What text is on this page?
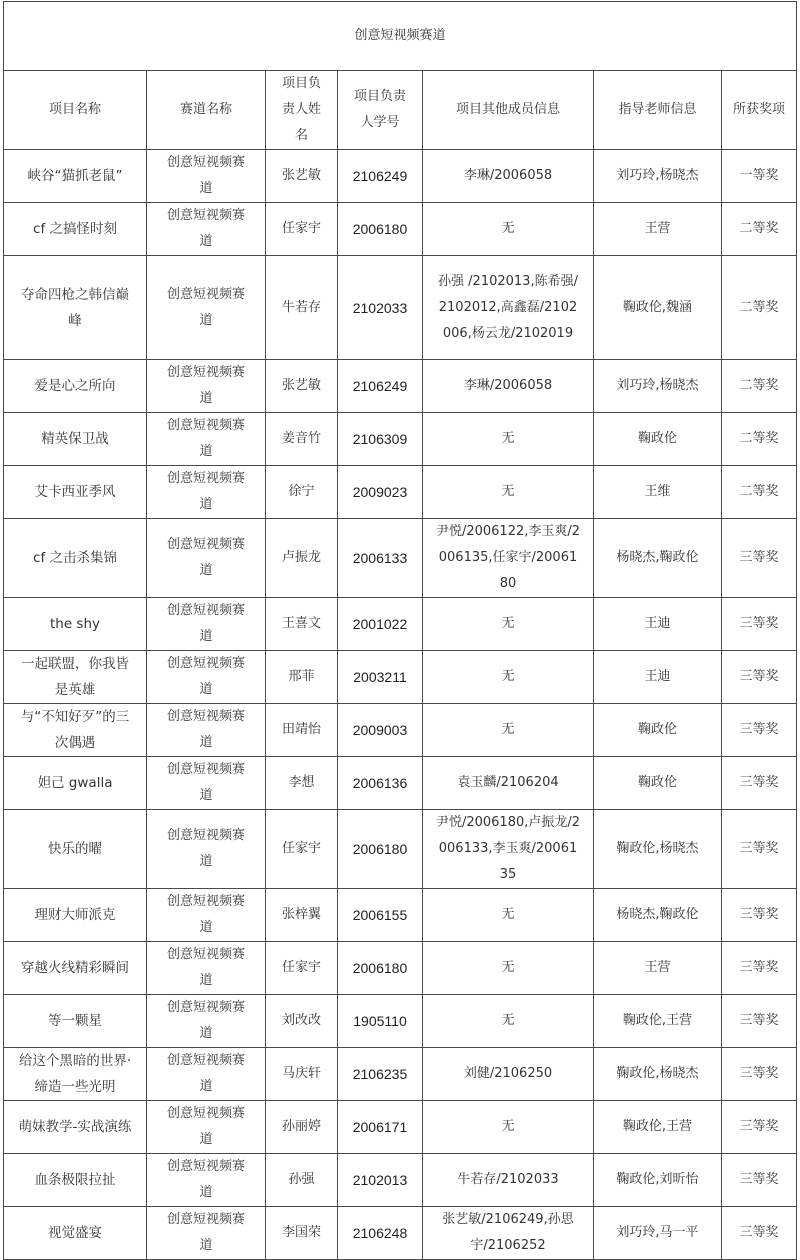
创意短视频赛道						
项目名称	赛道名称	项目负责人姓名	项目负责人学号	项目其他成员信息	指导老师信息	所获奖项
峡谷“猫抓老鼠”	创意短视频赛道	张艺敏	2106249	李琳/2006058	刘巧玲,杨晓杰	一等奖
cf 之搞怪时刻	创意短视频赛道	任家宇	2006180	无	王营	二等奖
夺命四枪之韩信巅峰	创意短视频赛道	牛若存	2102033	孙强 /2102013,陈希强/2102012,高鑫磊/2102006,杨云龙/2102019	鞠政伦,魏涵	二等奖
爱是心之所向	创意短视频赛道	张艺敏	2106249	李琳/2006058	刘巧玲,杨晓杰	二等奖
精英保卫战	创意短视频赛道	姜音竹	2106309	无	鞠政伦	二等奖
艾卡西亚季风	创意短视频赛道	徐宁	2009023	无	王维	二等奖
cf 之击杀集锦	创意短视频赛道	卢振龙	2006133	尹悦/2006122,李玉爽/2006135,任家宇/2006180	杨晓杰,鞠政伦	三等奖
the shy	创意短视频赛道	王喜文	2001022	无	王迪	三等奖
一起联盟，你我皆是英雄	创意短视频赛道	邢菲	2003211	无	王迪	三等奖
与“不知好歹”的三次偶遇	创意短视频赛道	田靖怡	2009003	无	鞠政伦	三等奖
妲己 gwalla	创意短视频赛道	李想	2006136	袁玉麟/2106204	鞠政伦	三等奖
快乐的曜	创意短视频赛道	任家宇	2006180	尹悦/2006180,卢振龙/2006133,李玉爽/2006135	鞠政伦,杨晓杰	三等奖
理财大师派克	创意短视频赛道	张梓翼	2006155	无	杨晓杰,鞠政伦	三等奖
穿越火线精彩瞬间	创意短视频赛道	任家宇	2006180	无	王营	三等奖
等一颗星	创意短视频赛道	刘改改	1905110	无	鞠政伦,王营	三等奖
给这个黑暗的世界·缔造一些光明	创意短视频赛道	马庆轩	2106235	刘健/2106250	鞠政伦,杨晓杰	三等奖
萌妹教学-实战演练	创意短视频赛道	孙丽婷	2006171	无	鞠政伦,王营	三等奖
血条极限拉扯	创意短视频赛道	孙强	2102013	牛若存/2102033	鞠政伦,刘昕怡	三等奖
视觉盛宴	创意短视频赛道	李国荣	2106248	张艺敏/2106249,孙思宇/2106252	刘巧玲,马一平	三等奖
